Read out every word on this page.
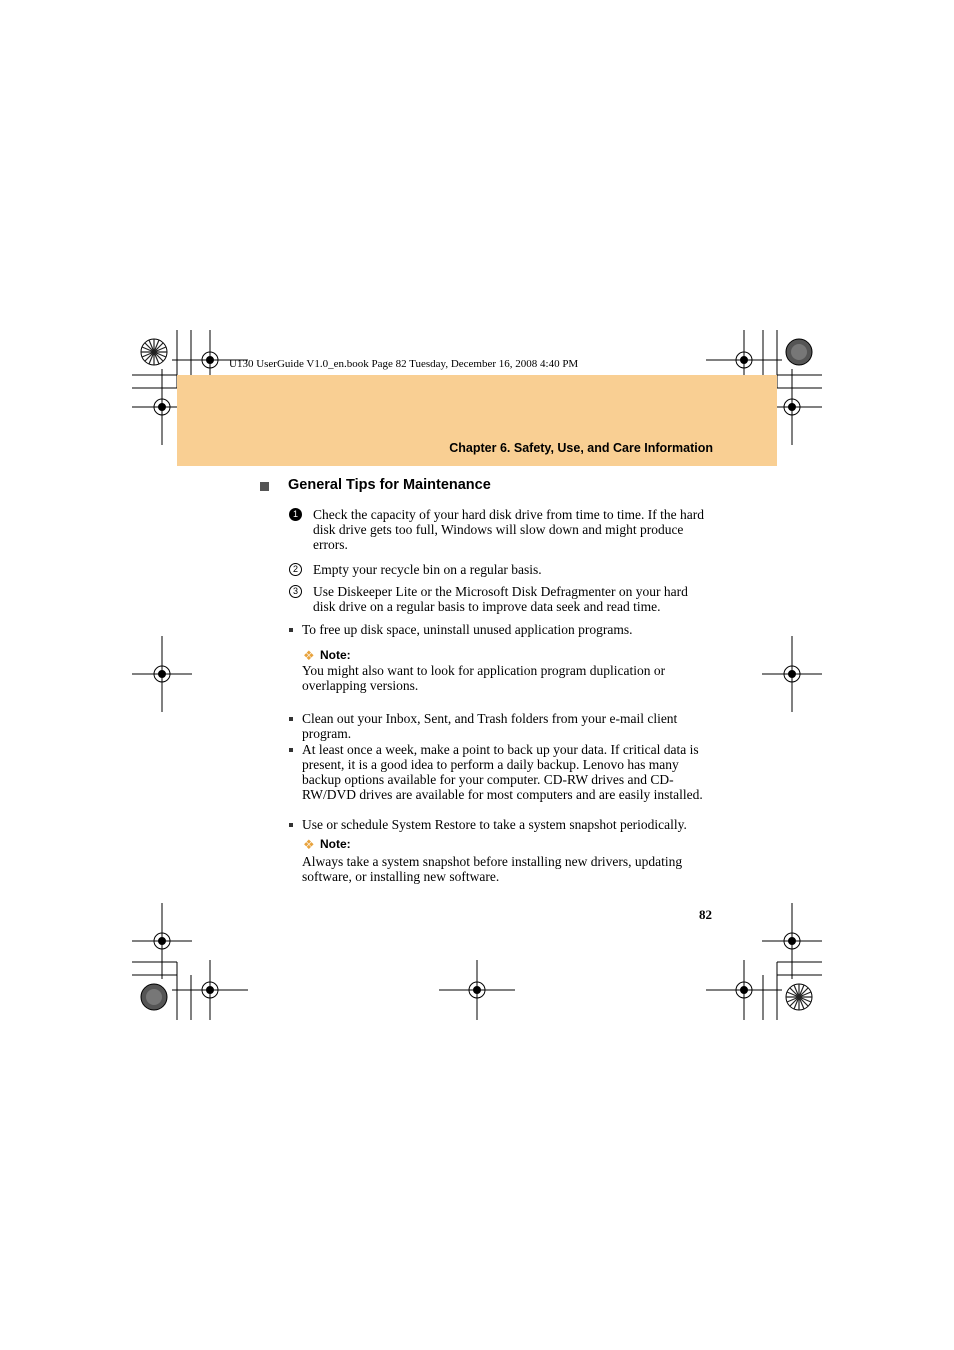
U130 UserGuide V1.0_en.book Page 82 Tuesday, December 16, 2008 4:40 PM
Chapter 6. Safety, Use, and Care Information
General Tips for Maintenance
1 Check the capacity of your hard disk drive from time to time. If the hard disk drive gets too full, Windows will slow down and might produce errors.
2 Empty your recycle bin on a regular basis.
3 Use Diskeeper Lite or the Microsoft Disk Defragmenter on your hard disk drive on a regular basis to improve data seek and read time.
To free up disk space, uninstall unused application programs.
❖ Note:
You might also want to look for application program duplication or overlapping versions.
Clean out your Inbox, Sent, and Trash folders from your e-mail client program.
At least once a week, make a point to back up your data. If critical data is present, it is a good idea to perform a daily backup. Lenovo has many backup options available for your computer. CD-RW drives and CD-RW/DVD drives are available for most computers and are easily installed.
Use or schedule System Restore to take a system snapshot periodically.
❖ Note:
Always take a system snapshot before installing new drivers, updating software, or installing new software.
82
